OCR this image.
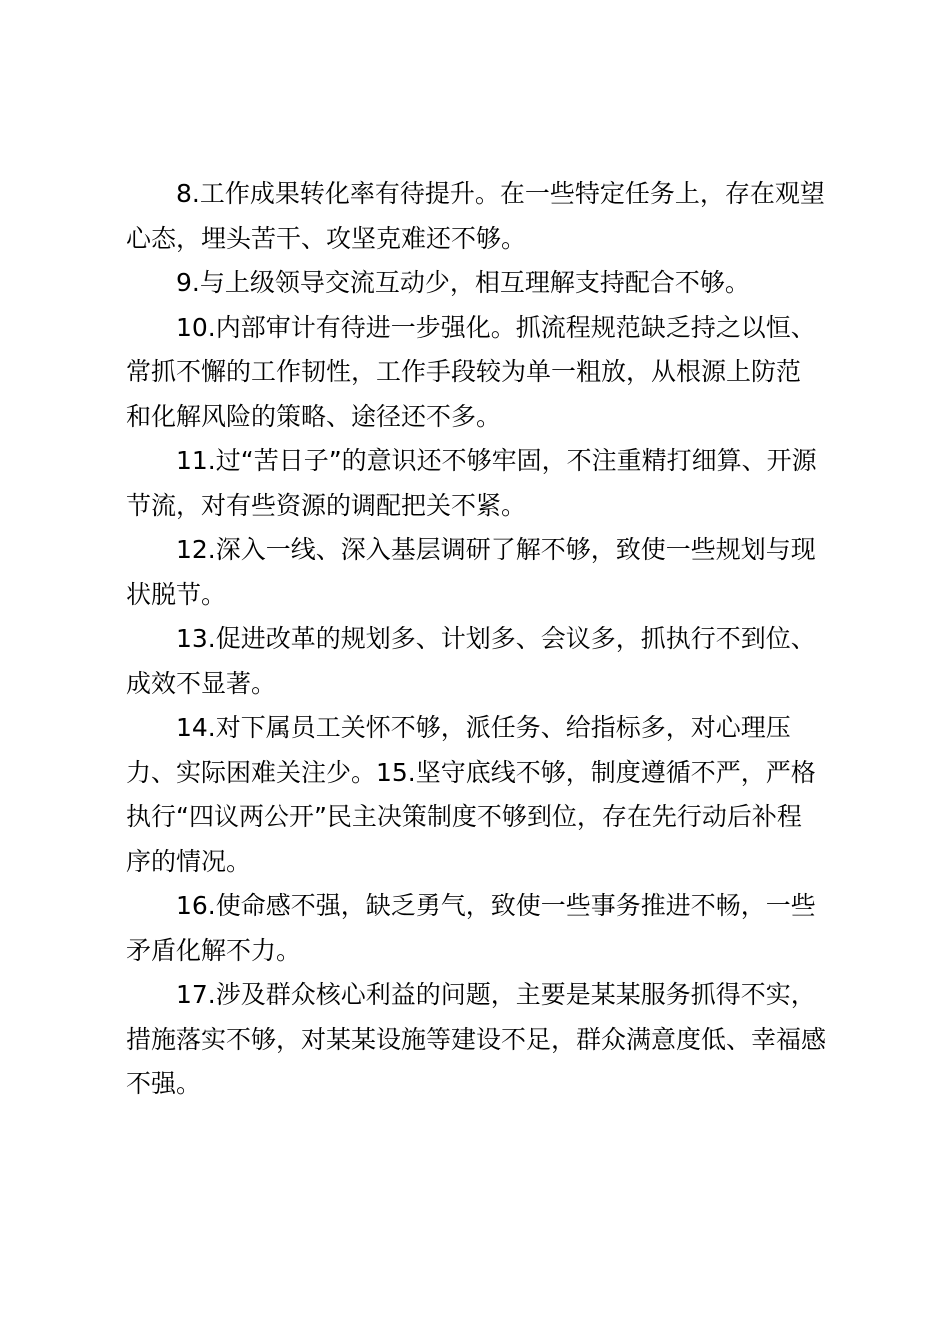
8.工作成果转化率有待提升。在一些特定任务上，存在观望
心态，埋头苦干、攻坚克难还不够。
9.与上级领导交流互动少，相互理解支持配合不够。
10.内部审计有待进一步强化。抓流程规范缺乏持之以恒、
常抓不懈的工作韧性，工作手段较为单一粗放，从根源上防范
和化解风险的策略、途径还不多。
11.过“苦日子”的意识还不够牢固，不注重精打细算、开源
节流，对有些资源的调配把关不紧。
12.深入一线、深入基层调研了解不够，致使一些规划与现
状脱节。
13.促进改革的规划多、计划多、会议多，抓执行不到位、
成效不显著。
14.对下属员工关怀不够，派任务、给指标多，对心理压
力、实际困难关注少。15.坚守底线不够，制度遵循不严，严格
执行“四议两公开”民主决策制度不够到位，存在先行动后补程
序的情况。
16.使命感不强，缺乏勇气，致使一些事务推进不畅，一些
矛盾化解不力。
17.涉及群众核心利益的问题，主要是某某服务抓得不实，
措施落实不够，对某某设施等建设不足，群众满意度低、幸福感
不强。
